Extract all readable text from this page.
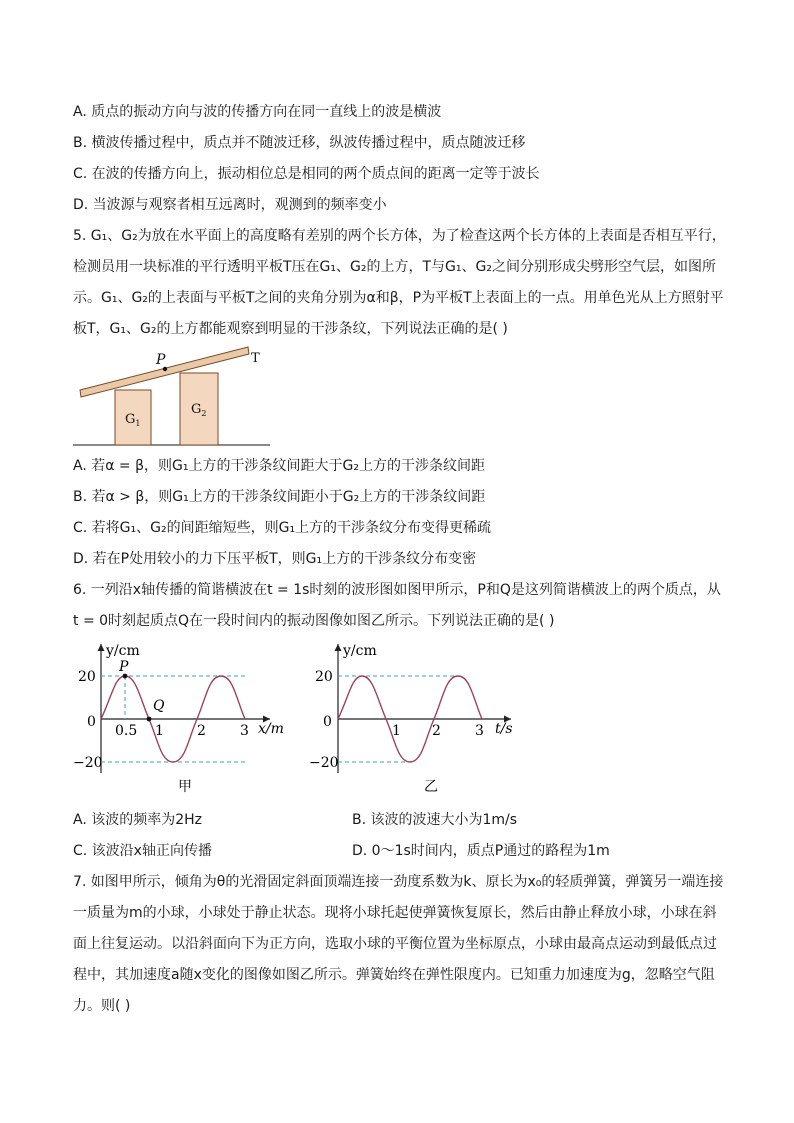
A. 质点的振动方向与波的传播方向在同一直线上的波是横波
B. 横波传播过程中，质点并不随波迁移，纵波传播过程中，质点随波迁移
C. 在波的传播方向上，振动相位总是相同的两个质点间的距离一定等于波长
D. 当波源与观察者相互远离时，观测到的频率变小
5. G₁、G₂为放在水平面上的高度略有差别的两个长方体，为了检查这两个长方体的上表面是否相互平行，
检测员用一块标准的平行透明平板T压在G₁、G₂的上方，T与G₁、G₂之间分别形成尖劈形空气层，如图所
示。G₁、G₂的上表面与平板T之间的夹角分别为α和β，P为平板T上表面上的一点。用单色光从上方照射平
板T，G₁、G₂的上方都能观察到明显的干涉条纹，下列说法正确的是( )
P	T
$G_1$
$G_2$
A. 若α = β，则G₁上方的干涉条纹间距大于G₂上方的干涉条纹间距
B. 若α > β，则G₁上方的干涉条纹间距小于G₂上方的干涉条纹间距
C. 若将G₁、G₂的间距缩短些，则G₁上方的干涉条纹分布变得更稀疏
D. 若在P处用较小的力下压平板T，则G₁上方的干涉条纹分布变密
6. 一列沿x轴传播的简谐横波在t = 1s时刻的波形图如图甲所示，P和Q是这列简谐横波上的两个质点，从
t = 0时刻起质点Q在一段时间内的振动图像如图乙所示。下列说法正确的是( )
y/cm
x/m
20
0
−20
0.5 1 2 3
P
Q
甲
y/cm
t/s
20
0
−20
1 2 3
乙
A. 该波的频率为2Hz	B. 该波的波速大小为1m/s
C. 该波沿x轴正向传播	D. 0～1s时间内，质点P通过的路程为1m
7. 如图甲所示，倾角为θ的光滑固定斜面顶端连接一劲度系数为k、原长为x₀的轻质弹簧，弹簧另一端连接
一质量为m的小球，小球处于静止状态。现将小球托起使弹簧恢复原长，然后由静止释放小球，小球在斜
面上往复运动。以沿斜面向下为正方向，选取小球的平衡位置为坐标原点，小球由最高点运动到最低点过
程中，其加速度a随x变化的图像如图乙所示。弹簧始终在弹性限度内。已知重力加速度为g，忽略空气阻
力。则( )
